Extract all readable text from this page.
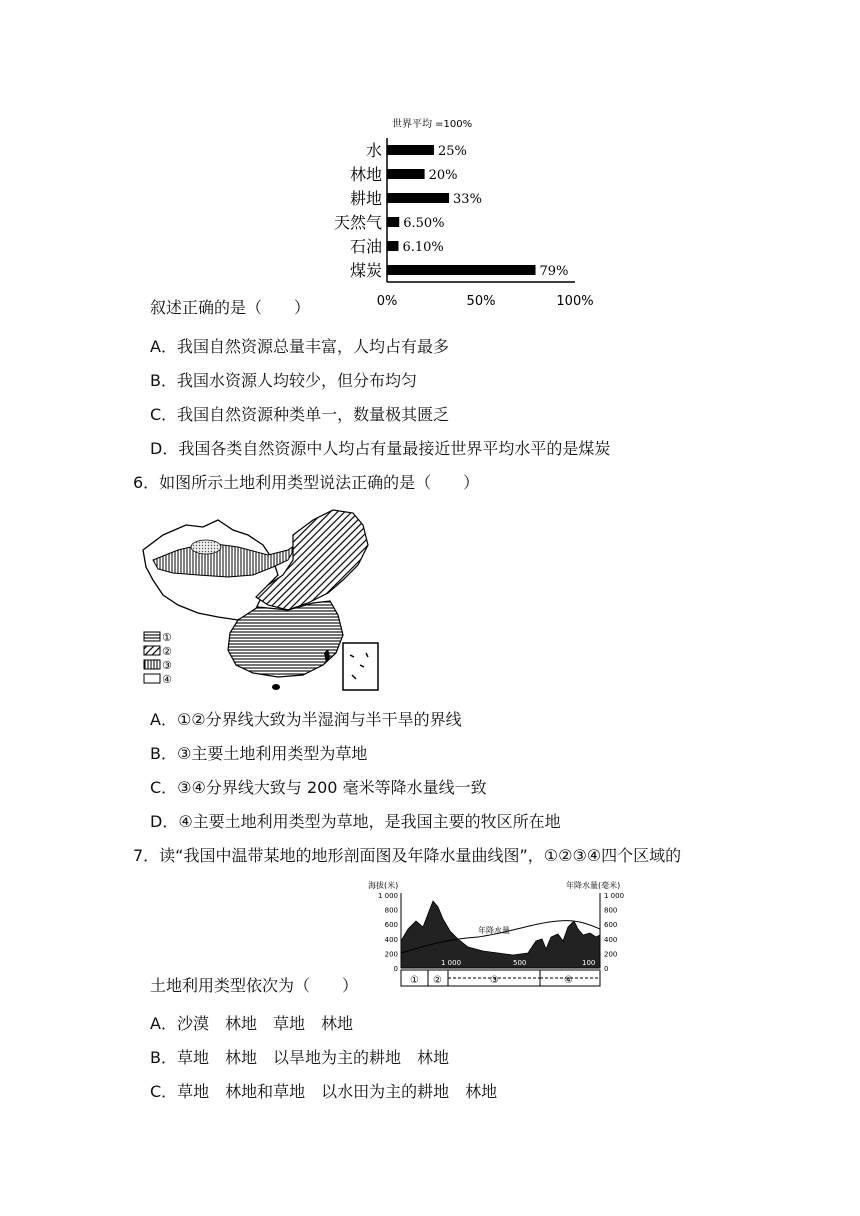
世界平均 =100%
水
林地
耕地
天然气
石油
煤炭
25%
20%
33%
6.50%
6.10%
79%
0%	50%	100%
叙述正确的是（　　）
A．我国自然资源总量丰富，人均占有最多
B．我国水资源人均较少，但分布均匀
C．我国自然资源种类单一，数量极其匮乏
D．我国各类自然资源中人均占有量最接近世界平均水平的是煤炭
6．如图所示土地利用类型说法正确的是（　　）
①
②
③
④
A．①②分界线大致为半湿润与半干旱的界线
B．③主要土地利用类型为草地
C．③④分界线大致与 200 毫米等降水量线一致
D．④主要土地利用类型为草地，是我国主要的牧区所在地
7．读“我国中温带某地的地形剖面图及年降水量曲线图”，①②③④四个区域的
海拔(米)	年降水量(毫米)
1 000
800
600
400
200
0
1 000
800
600
400
200
0
年降水量
1 000	500	100
① ②	③	④
土地利用类型依次为（　　）
A．沙漠　林地　草地　林地
B．草地　林地　以旱地为主的耕地　林地
C．草地　林地和草地　以水田为主的耕地　林地
